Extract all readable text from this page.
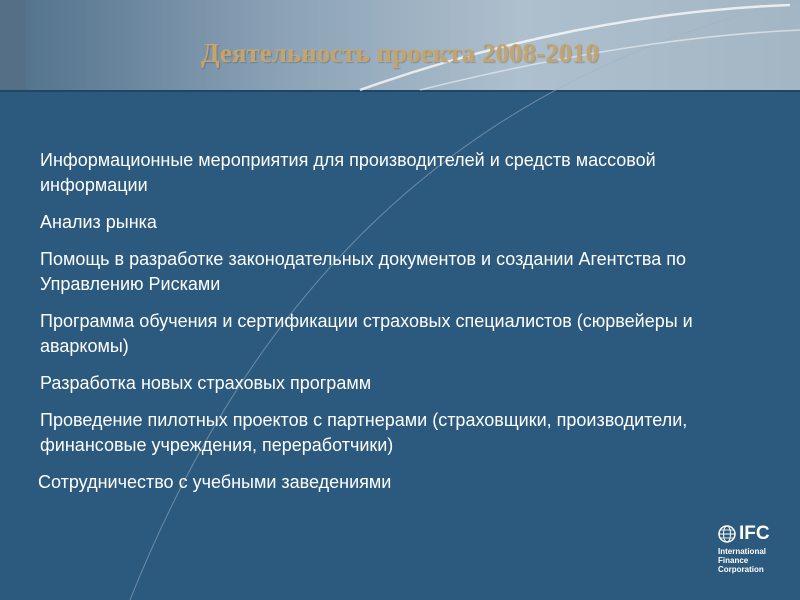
Деятельность проекта 2008-2010
Информационные мероприятия для производителей и средств массовой информации
Анализ рынка
Помощь в разработке законодательных документов и создании Агентства по Управлению Рисками
Программа обучения и сертификации страховых специалистов (сюрвейеры и аваркомы)
Разработка новых страховых программ
Проведение пилотных проектов с партнерами (страховщики, производители, финансовые учреждения, переработчики)
Сотрудничество с учебными заведениями
IFC
International
Finance
Corporation
